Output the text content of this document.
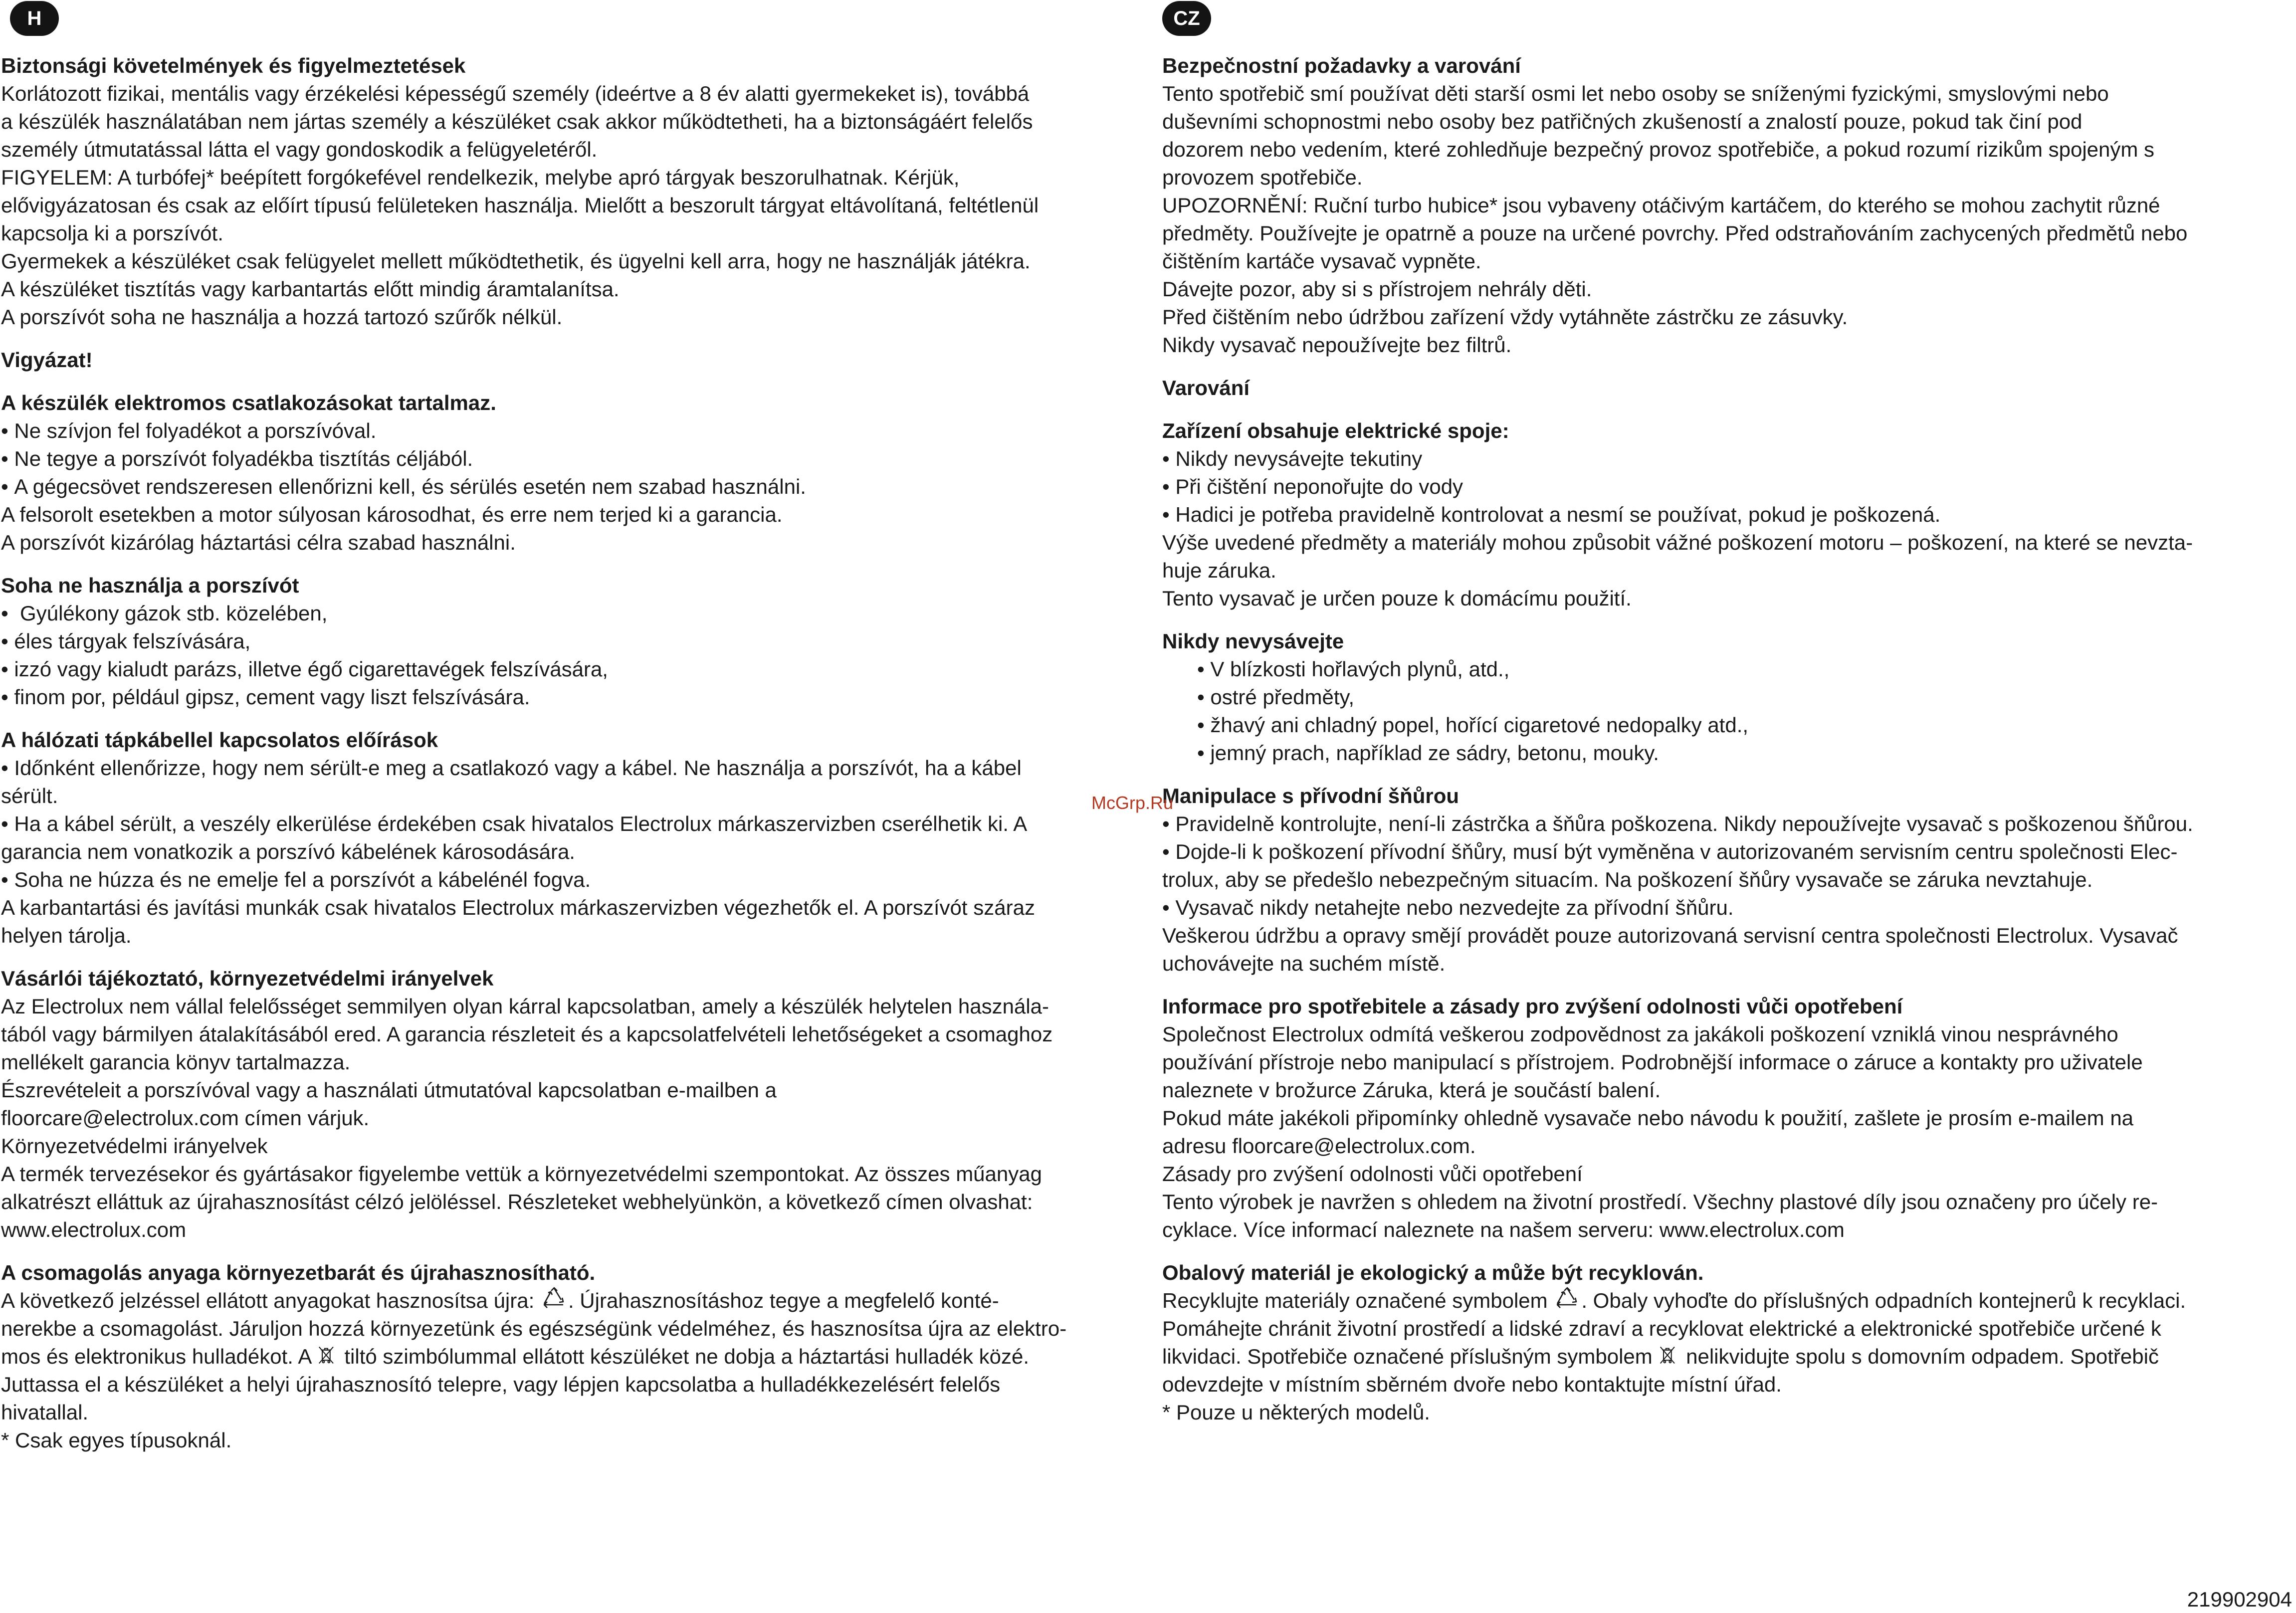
H
Biztonsági követelmények és figyelmeztetések
Korlátozott fizikai, mentális vagy érzékelési képességű személy (ideértve a 8 év alatti gyermekeket is), továbbá
a készülék használatában nem jártas személy a készüléket csak akkor működtetheti, ha a biztonságáért felelős
személy útmutatással látta el vagy gondoskodik a felügyeletéről.
FIGYELEM: A turbófej* beépített forgókefével rendelkezik, melybe apró tárgyak beszorulhatnak. Kérjük,
elővigyázatosan és csak az előírt típusú felületeken használja. Mielőtt a beszorult tárgyat eltávolítaná, feltétlenül
kapcsolja ki a porszívót.
Gyermekek a készüléket csak felügyelet mellett működtethetik, és ügyelni kell arra, hogy ne használják játékra.
A készüléket tisztítás vagy karbantartás előtt mindig áramtalanítsa.
A porszívót soha ne használja a hozzá tartozó szűrők nélkül.
Vigyázat!
A készülék elektromos csatlakozásokat tartalmaz.
• Ne szívjon fel folyadékot a porszívóval.
• Ne tegye a porszívót folyadékba tisztítás céljából.
• A gégecsövet rendszeresen ellenőrizni kell, és sérülés esetén nem szabad használni.
A felsorolt esetekben a motor súlyosan károsodhat, és erre nem terjed ki a garancia.
A porszívót kizárólag háztartási célra szabad használni.
Soha ne használja a porszívót
•  Gyúlékony gázok stb. közelében,
• éles tárgyak felszívására,
• izzó vagy kialudt parázs, illetve égő cigarettavégek felszívására,
• finom por, például gipsz, cement vagy liszt felszívására.
A hálózati tápkábellel kapcsolatos előírások
• Időnként ellenőrizze, hogy nem sérült-e meg a csatlakozó vagy a kábel. Ne használja a porszívót, ha a kábel
sérült.
• Ha a kábel sérült, a veszély elkerülése érdekében csak hivatalos Electrolux márkaszervizben cserélhetik ki. A
garancia nem vonatkozik a porszívó kábelének károsodására.
• Soha ne húzza és ne emelje fel a porszívót a kábelénél fogva.
A karbantartási és javítási munkák csak hivatalos Electrolux márkaszervizben végezhetők el. A porszívót száraz
helyen tárolja.
Vásárlói tájékoztató, környezetvédelmi irányelvek
Az Electrolux nem vállal felelősséget semmilyen olyan kárral kapcsolatban, amely a készülék helytelen használa-
tából vagy bármilyen átalakításából ered. A garancia részleteit és a kapcsolatfelvételi lehetőségeket a csomaghoz
mellékelt garancia könyv tartalmazza.
Észrevételeit a porszívóval vagy a használati útmutatóval kapcsolatban e-mailben a
floorcare@electrolux.com címen várjuk.
Környezetvédelmi irányelvek
A termék tervezésekor és gyártásakor figyelembe vettük a környezetvédelmi szempontokat. Az összes műanyag
alkatrészt elláttuk az újrahasznosítást célzó jelöléssel. Részleteket webhelyünkön, a következő címen olvashat:
www.electrolux.com
A csomagolás anyaga környezetbarát és újrahasznosítható.
A következő jelzéssel ellátott anyagokat hasznosítsa újra: . Újrahasznosításhoz tegye a megfelelő konté-
nerekbe a csomagolást. Járuljon hozzá környezetünk és egészségünk védelméhez, és hasznosítsa újra az elektro-
mos és elektronikus hulladékot. A  tiltó szimbólummal ellátott készüléket ne dobja a háztartási hulladék közé.
Juttassa el a készüléket a helyi újrahasznosító telepre, vagy lépjen kapcsolatba a hulladékkezelésért felelős
hivatallal.
* Csak egyes típusoknál.
CZ
Bezpečnostní požadavky a varování
Tento spotřebič smí používat děti starší osmi let nebo osoby se sníženými fyzickými, smyslovými nebo
duševními schopnostmi nebo osoby bez patřičných zkušeností a znalostí pouze, pokud tak činí pod
dozorem nebo vedením, které zohledňuje bezpečný provoz spotřebiče, a pokud rozumí rizikům spojeným s
provozem spotřebiče.
UPOZORNĚNÍ: Ruční turbo hubice* jsou vybaveny otáčivým kartáčem, do kterého se mohou zachytit různé
předměty. Používejte je opatrně a pouze na určené povrchy. Před odstraňováním zachycených předmětů nebo
čištěním kartáče vysavač vypněte.
Dávejte pozor, aby si s přístrojem nehrály děti.
Před čištěním nebo údržbou zařízení vždy vytáhněte zástrčku ze zásuvky.
Nikdy vysavač nepoužívejte bez filtrů.
Varování
Zařízení obsahuje elektrické spoje:
• Nikdy nevysávejte tekutiny
• Při čištění neponořujte do vody
• Hadici je potřeba pravidelně kontrolovat a nesmí se používat, pokud je poškozená.
Výše uvedené předměty a materiály mohou způsobit vážné poškození motoru – poškození, na které se nevzta-
huje záruka.
Tento vysavač je určen pouze k domácímu použití.
Nikdy nevysávejte
• V blízkosti hořlavých plynů, atd.,
• ostré předměty,
• žhavý ani chladný popel, hořící cigaretové nedopalky atd.,
• jemný prach, například ze sádry, betonu, mouky.
Manipulace s přívodní šňůrou
• Pravidelně kontrolujte, není-li zástrčka a šňůra poškozena. Nikdy nepoužívejte vysavač s poškozenou šňůrou.
• Dojde-li k poškození přívodní šňůry, musí být vyměněna v autorizovaném servisním centru společnosti Elec-
trolux, aby se předešlo nebezpečným situacím. Na poškození šňůry vysavače se záruka nevztahuje.
• Vysavač nikdy netahejte nebo nezvedejte za přívodní šňůru.
Veškerou údržbu a opravy smějí provádět pouze autorizovaná servisní centra společnosti Electrolux. Vysavač
uchovávejte na suchém místě.
Informace pro spotřebitele a zásady pro zvýšení odolnosti vůči opotřebení
Společnost Electrolux odmítá veškerou zodpovědnost za jakákoli poškození vzniklá vinou nesprávného
používání přístroje nebo manipulací s přístrojem. Podrobnější informace o záruce a kontakty pro uživatele
naleznete v brožurce Záruka, která je součástí balení.
Pokud máte jakékoli připomínky ohledně vysavače nebo návodu k použití, zašlete je prosím e-mailem na
adresu floorcare@electrolux.com.
Zásady pro zvýšení odolnosti vůči opotřebení
Tento výrobek je navržen s ohledem na životní prostředí. Všechny plastové díly jsou označeny pro účely re-
cyklace. Více informací naleznete na našem serveru: www.electrolux.com
Obalový materiál je ekologický a může být recyklován.
Recyklujte materiály označené symbolem . Obaly vyhoďte do příslušných odpadních kontejnerů k recyklaci.
Pomáhejte chránit životní prostředí a lidské zdraví a recyklovat elektrické a elektronické spotřebiče určené k
likvidaci. Spotřebiče označené příslušným symbolem  nelikvidujte spolu s domovním odpadem. Spotřebič
odevzdejte v místním sběrném dvoře nebo kontaktujte místní úřad.
* Pouze u některých modelů.
McGrp.Ru
219902904
